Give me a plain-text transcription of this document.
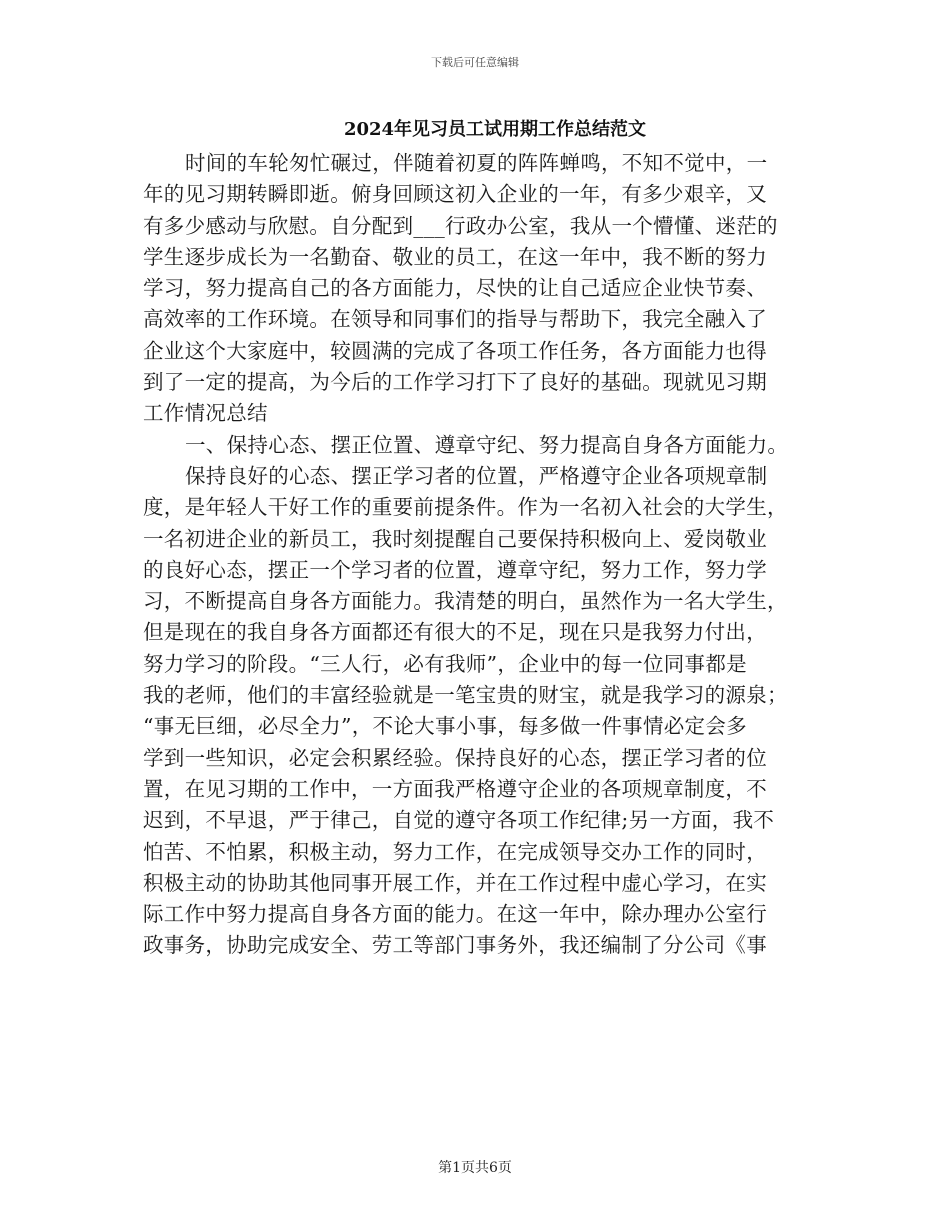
下载后可任意编辑
2024年见习员工试用期工作总结范文
时间的车轮匆忙碾过，伴随着初夏的阵阵蝉鸣，不知不觉中，一
年的见习期转瞬即逝。俯身回顾这初入企业的一年，有多少艰辛，又
有多少感动与欣慰。自分配到___行政办公室，我从一个懵懂、迷茫的
学生逐步成长为一名勤奋、敬业的员工，在这一年中，我不断的努力
学习，努力提高自己的各方面能力，尽快的让自己适应企业快节奏、
高效率的工作环境。在领导和同事们的指导与帮助下，我完全融入了
企业这个大家庭中，较圆满的完成了各项工作任务，各方面能力也得
到了一定的提高，为今后的工作学习打下了良好的基础。现就见习期
工作情况总结
一、保持心态、摆正位置、遵章守纪、努力提高自身各方面能力。
保持良好的心态、摆正学习者的位置，严格遵守企业各项规章制
度，是年轻人干好工作的重要前提条件。作为一名初入社会的大学生，
一名初进企业的新员工，我时刻提醒自己要保持积极向上、爱岗敬业
的良好心态，摆正一个学习者的位置，遵章守纪，努力工作，努力学
习，不断提高自身各方面能力。我清楚的明白，虽然作为一名大学生，
但是现在的我自身各方面都还有很大的不足，现在只是我努力付出，
努力学习的阶段。“三人行，必有我师”，企业中的每一位同事都是
我的老师，他们的丰富经验就是一笔宝贵的财宝，就是我学习的源泉；
“事无巨细，必尽全力”，不论大事小事，每多做一件事情必定会多
学到一些知识，必定会积累经验。保持良好的心态，摆正学习者的位
置，在见习期的工作中，一方面我严格遵守企业的各项规章制度，不
迟到，不早退，严于律己，自觉的遵守各项工作纪律;另一方面，我不
怕苦、不怕累，积极主动，努力工作，在完成领导交办工作的同时，
积极主动的协助其他同事开展工作，并在工作过程中虚心学习，在实
际工作中努力提高自身各方面的能力。在这一年中，除办理办公室行
政事务，协助完成安全、劳工等部门事务外，我还编制了分公司《事
第1页共6页
